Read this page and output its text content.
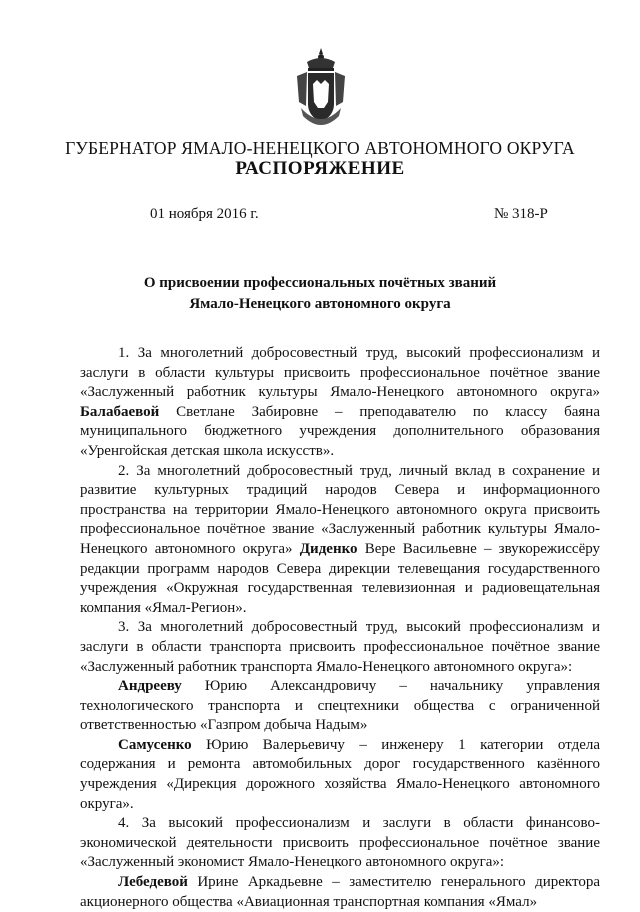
ГУБЕРНАТОР ЯМАЛО-НЕНЕЦКОГО АВТОНОМНОГО ОКРУГА
РАСПОРЯЖЕНИЕ
01 ноября 2016 г.	№ 318-Р
О присвоении профессиональных почётных званий
Ямало-Ненецкого автономного округа

1. За многолетний добросовестный труд, высокий профессионализм и заслуги в области культуры присвоить профессиональное почётное звание «Заслуженный работник культуры Ямало-Ненецкого автономного округа» Балабаевой Светлане Забировне – преподавателю по классу баяна муниципального бюджетного учреждения дополнительного образования «Уренгойская детская школа искусств».

2. За многолетний добросовестный труд, личный вклад в сохранение и развитие культурных традиций народов Севера и информационного пространства на территории Ямало-Ненецкого автономного округа присвоить профессиональное почётное звание «Заслуженный работник культуры Ямало-Ненецкого автономного округа» Диденко Вере Васильевне – звукорежиссёру редакции программ народов Севера дирекции телевещания государственного учреждения «Окружная государственная телевизионная и радиовещательная компания «Ямал-Регион».

3. За многолетний добросовестный труд, высокий профессионализм и заслуги в области транспорта присвоить профессиональное почётное звание «Заслуженный работник транспорта Ямало-Ненецкого автономного округа»:

Андрееву Юрию Александровичу – начальнику управления технологического транспорта и спецтехники общества с ограниченной ответственностью «Газпром добыча Надым»

Самусенко Юрию Валерьевичу – инженеру 1 категории отдела содержания и ремонта автомобильных дорог государственного казённого учреждения «Дирекция дорожного хозяйства Ямало-Ненецкого автономного округа».

4. За высокий профессионализм и заслуги в области финансово-экономической деятельности присвоить профессиональное почётное звание «Заслуженный экономист Ямало-Ненецкого автономного округа»:

Лебедевой Ирине Аркадьевне – заместителю генерального директора акционерного общества «Авиационная транспортная компания «Ямал»
